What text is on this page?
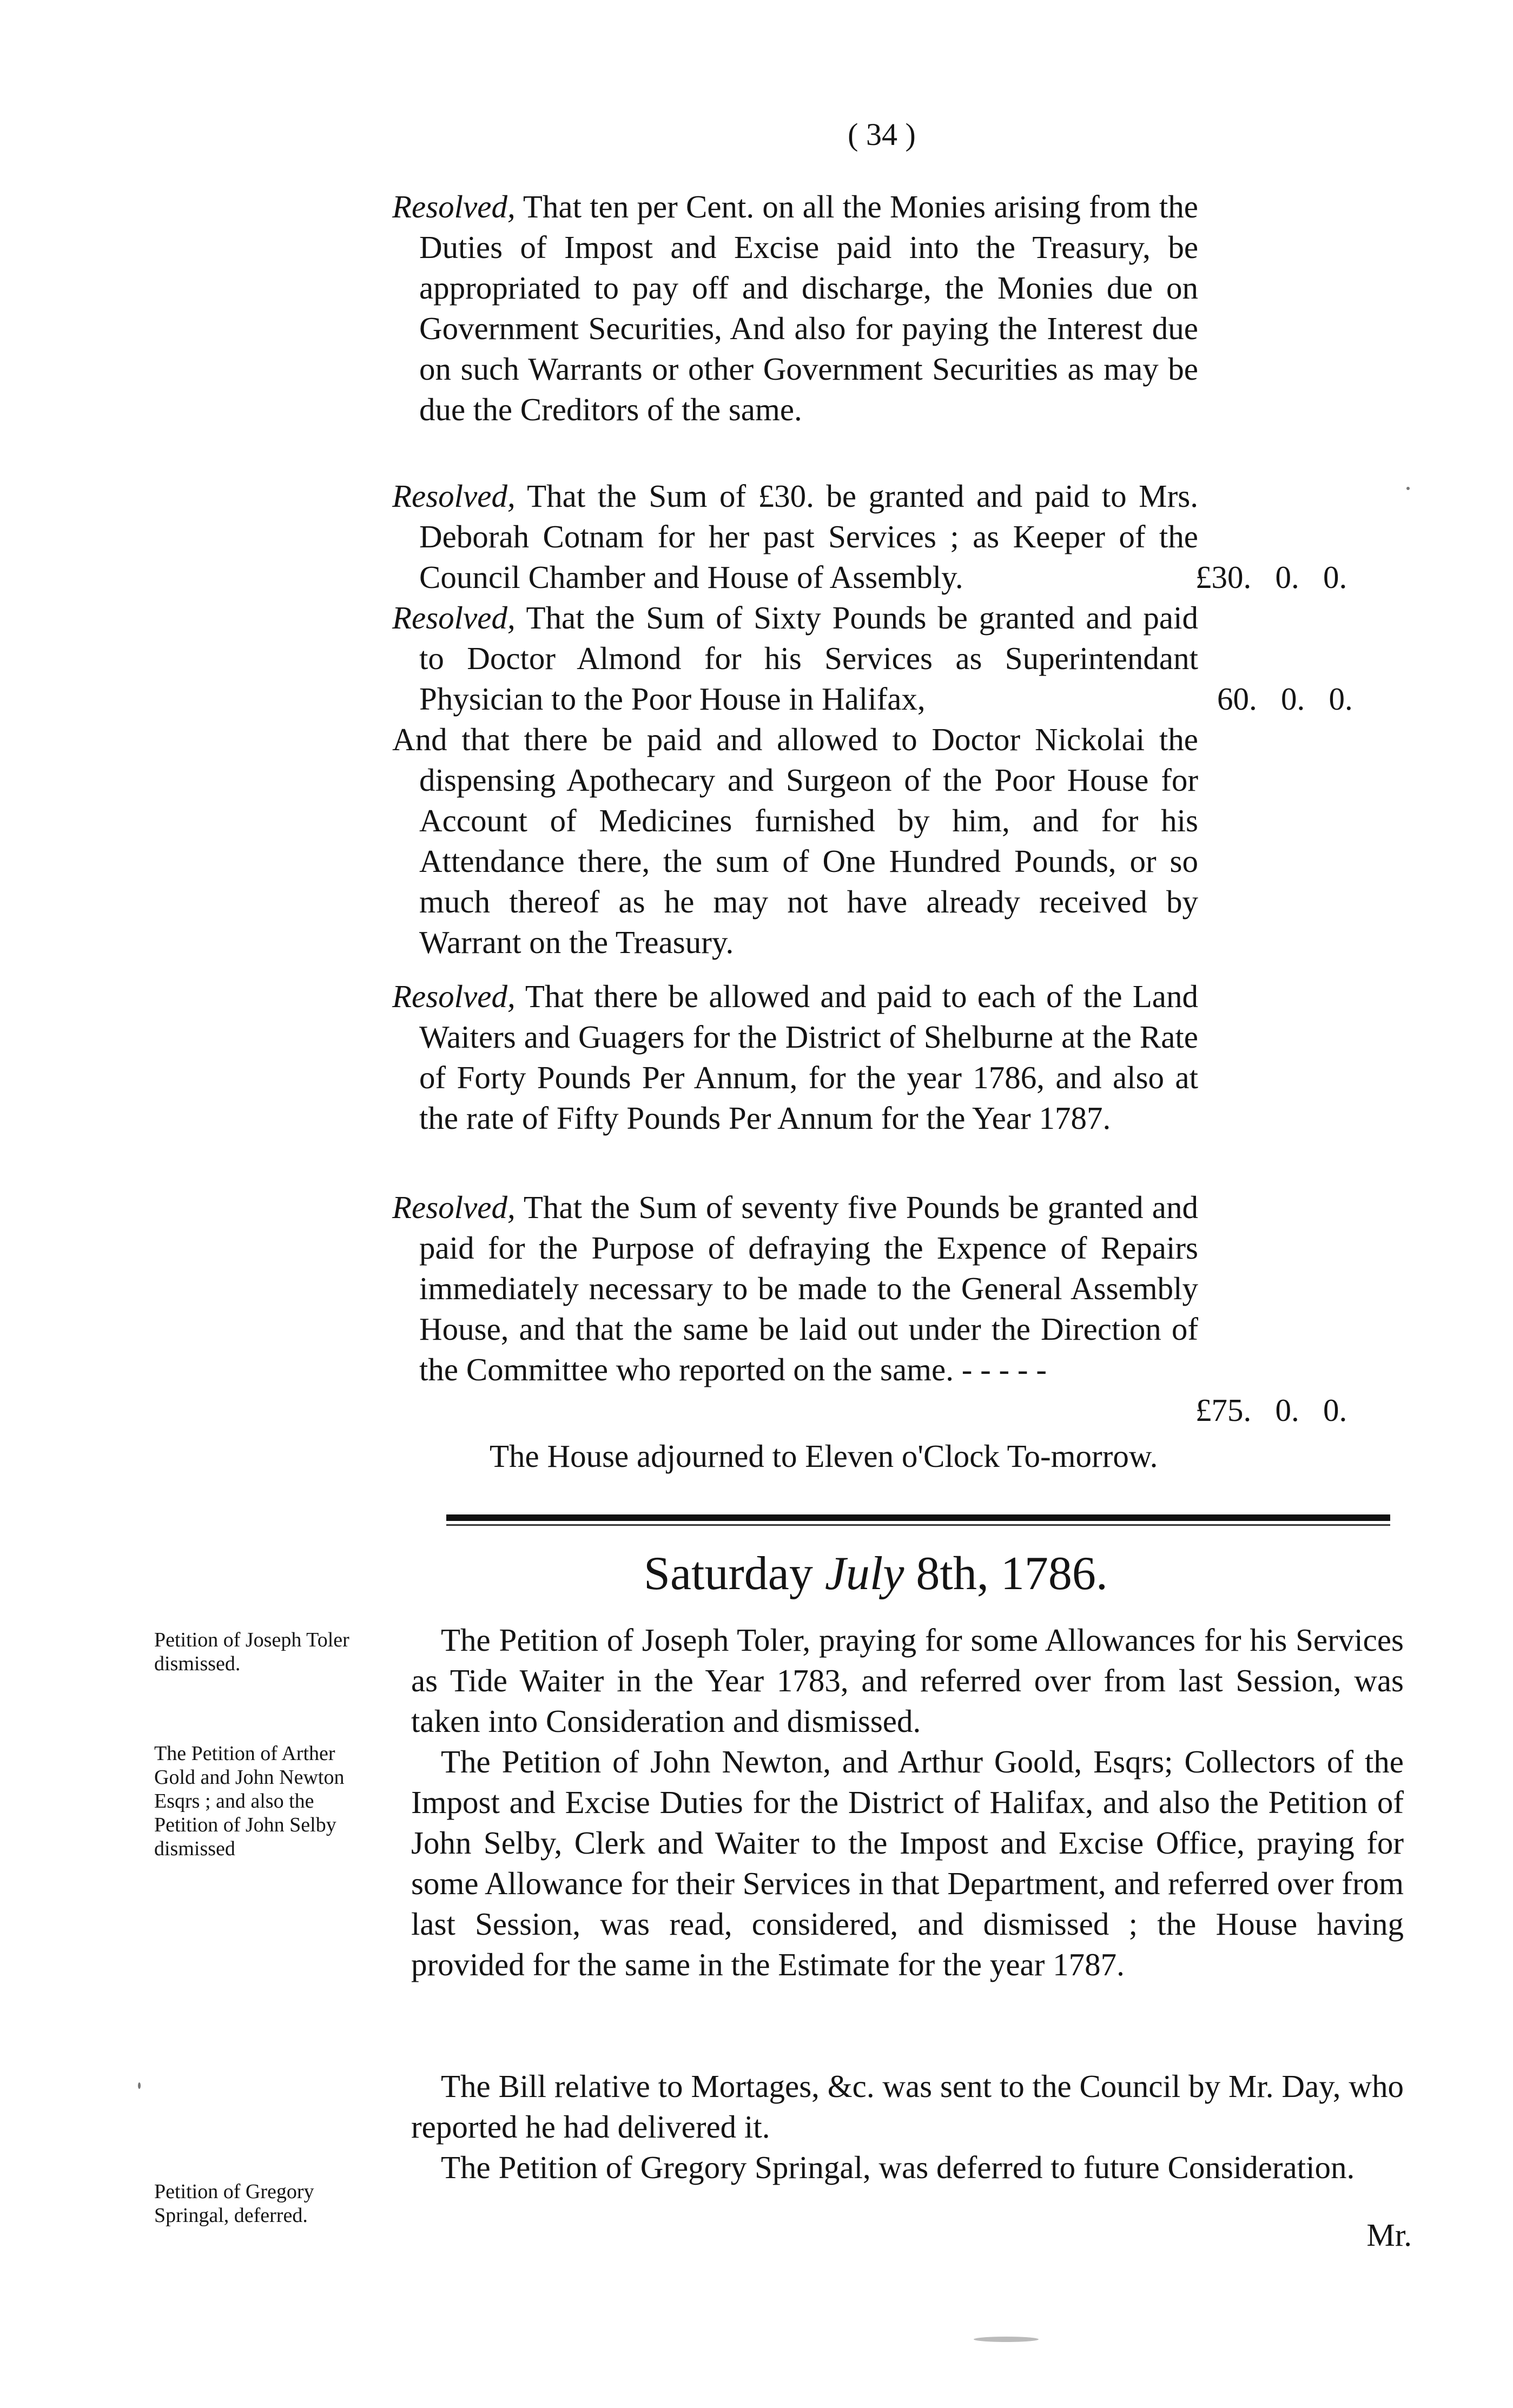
( 34 )
Resolved, That ten per Cent. on all the Monies arising from the Duties of Impost and Excise paid into the Treasury, be appropriated to pay off and discharge, the Monies due on Government Securities, And also for paying the Interest due on such Warrants or other Government Securities as may be due the Creditors of the same.
Resolved, That the Sum of £30. be granted and paid to Mrs. Deborah Cotnam for her past Services ; as Keeper of the Council Chamber and House of Assembly.	£30.   0.   0.
Resolved, That the Sum of Sixty Pounds be granted and paid to Doctor Almond for his Services as Superintendant Physician to the Poor House in Halifax,	60.   0.   0.
And that there be paid and allowed to Doctor Nickolai the dispensing Apothecary and Surgeon of the Poor House for Account of Medicines furnished by him, and for his Attendance there, the sum of One Hundred Pounds, or so much thereof as he may not have already received by Warrant on the Treasury.
Resolved, That there be allowed and paid to each of the Land Waiters and Guagers for the District of Shelburne at the Rate of Forty Pounds Per Annum, for the year 1786, and also at the rate of Fifty Pounds Per Annum for the Year 1787.
Resolved, That the Sum of seventy five Pounds be granted and paid for the Purpose of defraying the Expence of Repairs immediately necessary to be made to the General Assembly House, and that the same be laid out under the Direction of the Committee who reported on the same. - - - - -
£75.   0.   0.
The House adjourned to Eleven o'Clock To-morrow.
Saturday July 8th, 1786.
Petition of Joseph Toler dismissed.
The Petition of Joseph Toler, praying for some Allowances for his Services as Tide Waiter in the Year 1783, and referred over from last Session, was taken into Consideration and dismissed.
The Petition of Arther Gold and John Newton Esqrs ; and also the Petition of John Selby dismissed
The Petition of John Newton, and Arthur Goold, Esqrs; Collectors of the Impost and Excise Duties for the District of Halifax, and also the Petition of John Selby, Clerk and Waiter to the Impost and Excise Office, praying for some Allowance for their Services in that Department, and referred over from last Session, was read, considered, and dismissed ; the House having provided for the same in the Estimate for the year 1787.
The Bill relative to Mortages, &c. was sent to the Council by Mr. Day, who reported he had delivered it.
Petition of Gregory Springal, deferred.
The Petition of Gregory Springal, was deferred to future Consideration.
Mr.
